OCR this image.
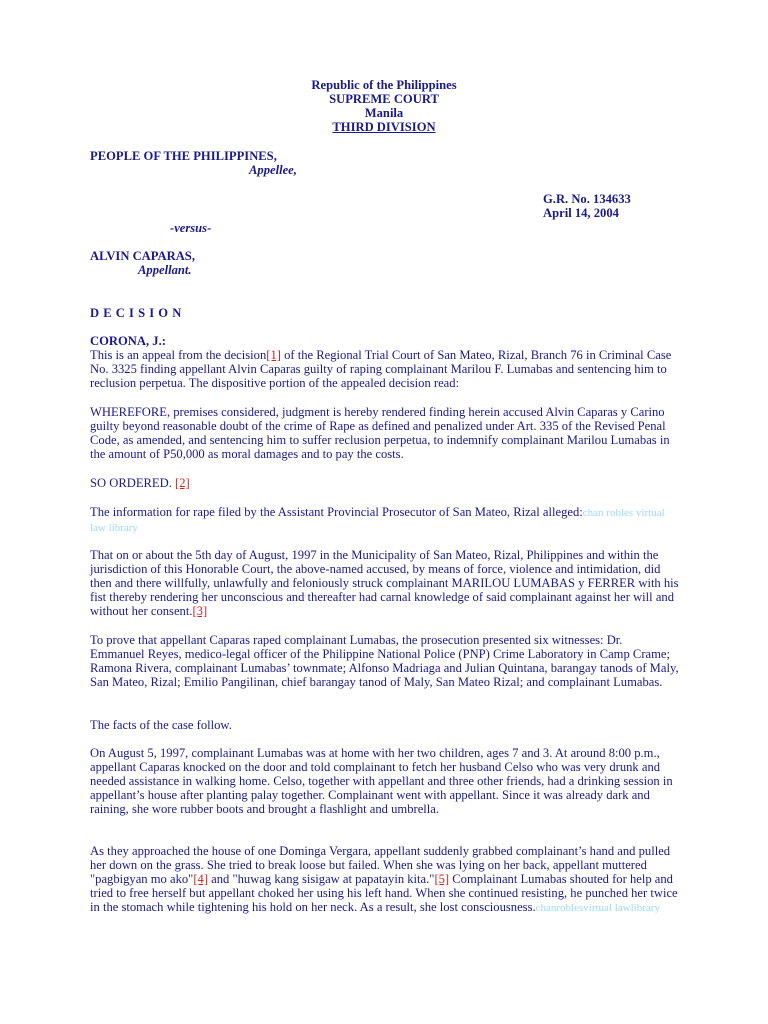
Republic of the Philippines
SUPREME COURT
Manila
THIRD DIVISION
PEOPLE OF THE PHILIPPINES,
Appellee,
G.R. No. 134633
April 14, 2004
-versus-
ALVIN CAPARAS,
Appellant.
D E C I S I O N
CORONA, J.:

This is an appeal from the decision[1] of the Regional Trial Court of San Mateo, Rizal, Branch 76 in Criminal Case No. 3325 finding appellant Alvin Caparas guilty of raping complainant Marilou F. Lumabas and sentencing him to reclusion perpetua. The dispositive portion of the appealed decision read:

WHEREFORE, premises considered, judgment is hereby rendered finding herein accused Alvin Caparas y Carino guilty beyond reasonable doubt of the crime of Rape as defined and penalized under Art. 335 of the Revised Penal Code, as amended, and sentencing him to suffer reclusion perpetua, to indemnify complainant Marilou Lumabas in the amount of P50,000 as moral damages and to pay the costs.

SO ORDERED. [2]

The information for rape filed by the Assistant Provincial Prosecutor of San Mateo, Rizal alleged:chan robles virtual law library

That on or about the 5th day of August, 1997 in the Municipality of San Mateo, Rizal, Philippines and within the jurisdiction of this Honorable Court, the above-named accused, by means of force, violence and intimidation, did then and there willfully, unlawfully and feloniously struck complainant MARILOU LUMABAS y FERRER with his fist thereby rendering her unconscious and thereafter had carnal knowledge of said complainant against her will and without her consent.[3]

To prove that appellant Caparas raped complainant Lumabas, the prosecution presented six witnesses: Dr. Emmanuel Reyes, medico-legal officer of the Philippine National Police (PNP) Crime Laboratory in Camp Crame; Ramona Rivera, complainant Lumabas’ townmate; Alfonso Madriaga and Julian Quintana, barangay tanods of Maly, San Mateo, Rizal; Emilio Pangilinan, chief barangay tanod of Maly, San Mateo Rizal; and complainant Lumabas.

The facts of the case follow.

On August 5, 1997, complainant Lumabas was at home with her two children, ages 7 and 3. At around 8:00 p.m., appellant Caparas knocked on the door and told complainant to fetch her husband Celso who was very drunk and needed assistance in walking home. Celso, together with appellant and three other friends, had a drinking session in appellant’s house after planting palay together. Complainant went with appellant. Since it was already dark and raining, she wore rubber boots and brought a flashlight and umbrella.

As they approached the house of one Dominga Vergara, appellant suddenly grabbed complainant’s hand and pulled her down on the grass. She tried to break loose but failed. When she was lying on her back, appellant muttered "pagbigyan mo ako"[4] and "huwag kang sisigaw at papatayin kita."[5] Complainant Lumabas shouted for help and tried to free herself but appellant choked her using his left hand. When she continued resisting, he punched her twice in the stomach while tightening his hold on her neck. As a result, she lost consciousness.chanroblesvirtual lawlibrary
